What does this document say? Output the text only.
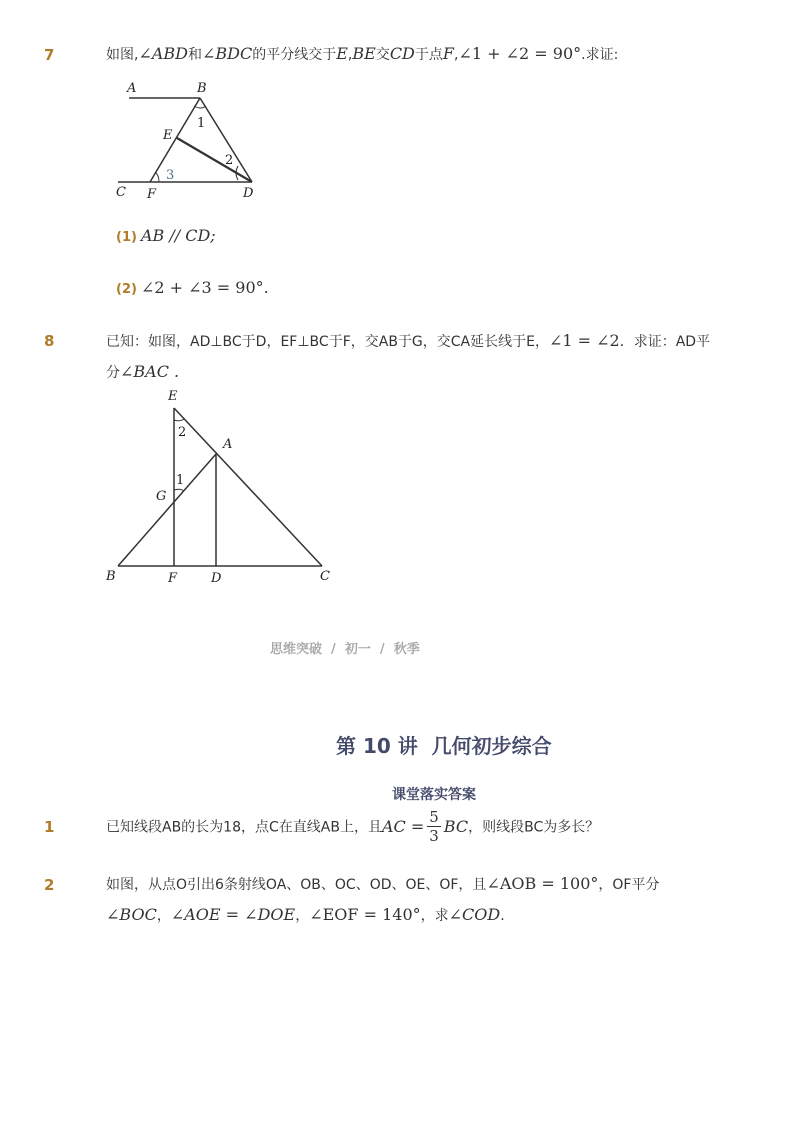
7	如图,∠ABD和∠BDC的平分线交于E,BE交CD于点F,∠1 + ∠2 = 90°.求证:
A	B
C	D
E
F
1
2
3
(1) AB // CD;
(2) ∠2 + ∠3 = 90°.
8	已知：如图，AD⊥BC于D，EF⊥BC于F，交AB于G，交CA延长线于E，∠1 = ∠2．求证：AD平
分∠BAC .
E
A
G
B	F	D	C
1
2
思维突破  /  初一  /  秋季
第 10 讲  几何初步综合
课堂落实答案
1	已知线段AB的长为18，点C在直线AB上，且AC = $\frac{5}{3}$ BC，则线段BC为多长？
2	如图，从点O引出6条射线OA、OB、OC、OD、OE、OF，且∠AOB = 100°，OF平分
∠BOC，∠AOE = ∠DOE，∠EOF = 140°，求∠COD.
